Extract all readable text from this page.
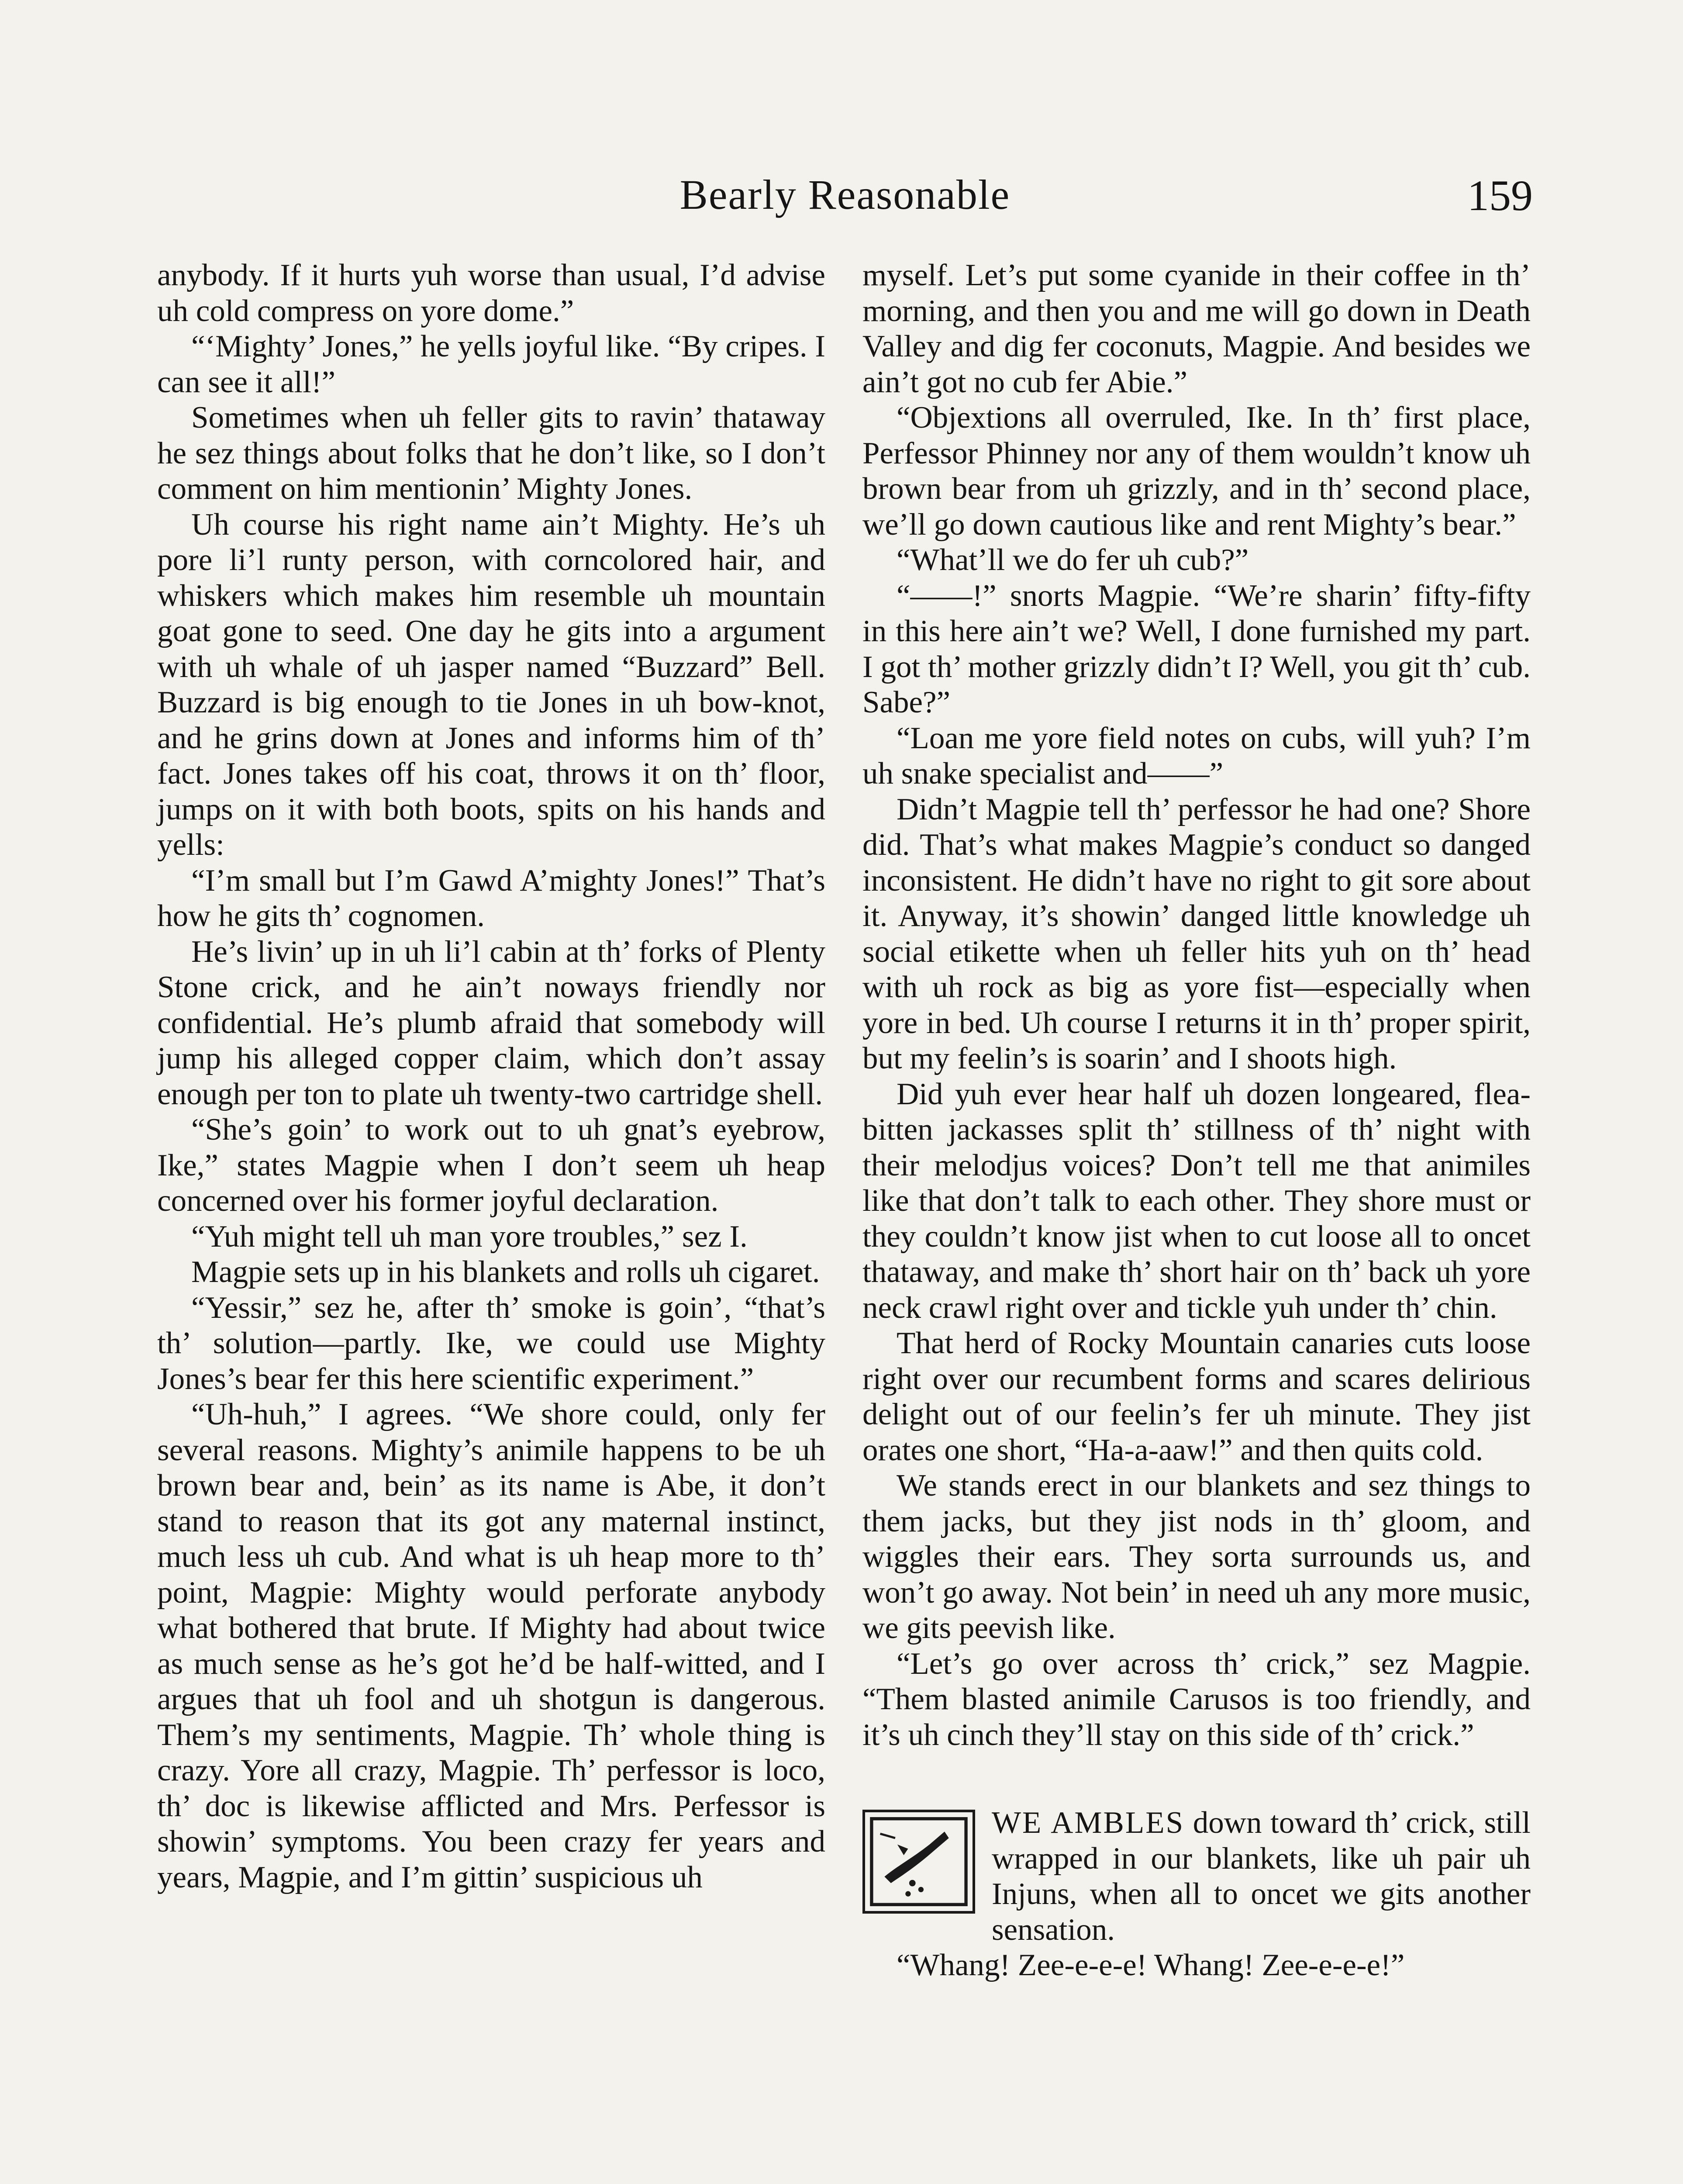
Bearly Reasonable	159

anybody. If it hurts yuh worse than usual, I’d advise uh cold compress on yore dome.”

“‘Mighty’ Jones,” he yells joyful like. “By cripes. I can see it all!”

Sometimes when uh feller gits to ravin’ thataway he sez things about folks that he don’t like, so I don’t comment on him mentionin’ Mighty Jones.

Uh course his right name ain’t Mighty. He’s uh pore li’l runty person, with corncolored hair, and whiskers which makes him resemble uh mountain goat gone to seed. One day he gits into a argument with uh whale of uh jasper named “Buzzard” Bell. Buzzard is big enough to tie Jones in uh bow-knot, and he grins down at Jones and informs him of th’ fact. Jones takes off his coat, throws it on th’ floor, jumps on it with both boots, spits on his hands and yells:

“I’m small but I’m Gawd A’mighty Jones!” That’s how he gits th’ cognomen.

He’s livin’ up in uh li’l cabin at th’ forks of Plenty Stone crick, and he ain’t noways friendly nor confidential. He’s plumb afraid that somebody will jump his alleged copper claim, which don’t assay enough per ton to plate uh twenty-two cartridge shell.

“She’s goin’ to work out to uh gnat’s eyebrow, Ike,” states Magpie when I don’t seem uh heap concerned over his former joyful declaration.

“Yuh might tell uh man yore troubles,” sez I.

Magpie sets up in his blankets and rolls uh cigaret.

“Yessir,” sez he, after th’ smoke is goin’, “that’s th’ solution—partly. Ike, we could use Mighty Jones’s bear fer this here scientific experiment.”

“Uh-huh,” I agrees. “We shore could, only fer several reasons. Mighty’s animile happens to be uh brown bear and, bein’ as its name is Abe, it don’t stand to reason that its got any maternal instinct, much less uh cub. And what is uh heap more to th’ point, Magpie: Mighty would perforate anybody what bothered that brute. If Mighty had about twice as much sense as he’s got he’d be half-witted, and I argues that uh fool and uh shotgun is dangerous. Them’s my sentiments, Magpie. Th’ whole thing is crazy. Yore all crazy, Magpie. Th’ perfessor is loco, th’ doc is likewise afflicted and Mrs. Perfessor is showin’ symptoms. You been crazy fer years and years, Magpie, and I’m gittin’ suspicious uh

myself. Let’s put some cyanide in their coffee in th’ morning, and then you and me will go down in Death Valley and dig fer coconuts, Magpie. And besides we ain’t got no cub fer Abie.”

“Objextions all overruled, Ike. In th’ first place, Perfessor Phinney nor any of them wouldn’t know uh brown bear from uh grizzly, and in th’ second place, we’ll go down cautious like and rent Mighty’s bear.”

“What’ll we do fer uh cub?”

“——!” snorts Magpie. “We’re sharin’ fifty-fifty in this here ain’t we? Well, I done furnished my part. I got th’ mother grizzly didn’t I? Well, you git th’ cub. Sabe?”

“Loan me yore field notes on cubs, will yuh? I’m uh snake specialist and——”

Didn’t Magpie tell th’ perfessor he had one? Shore did. That’s what makes Magpie’s conduct so danged inconsistent. He didn’t have no right to git sore about it. Anyway, it’s showin’ danged little knowledge uh social etikette when uh feller hits yuh on th’ head with uh rock as big as yore fist—especially when yore in bed. Uh course I returns it in th’ proper spirit, but my feelin’s is soarin’ and I shoots high.

Did yuh ever hear half uh dozen longeared, flea-bitten jackasses split th’ stillness of th’ night with their melodjus voices? Don’t tell me that animiles like that don’t talk to each other. They shore must or they couldn’t know jist when to cut loose all to oncet thataway, and make th’ short hair on th’ back uh yore neck crawl right over and tickle yuh under th’ chin.

That herd of Rocky Mountain canaries cuts loose right over our recumbent forms and scares delirious delight out of our feelin’s fer uh minute. They jist orates one short, “Ha-a-aaw!” and then quits cold.

We stands erect in our blankets and sez things to them jacks, but they jist nods in th’ gloom, and wiggles their ears. They sorta surrounds us, and won’t go away. Not bein’ in need uh any more music, we gits peevish like.

“Let’s go over across th’ crick,” sez Magpie. “Them blasted animile Carusos is too friendly, and it’s uh cinch they’ll stay on this side of th’ crick.”

WE AMBLES down toward th’ crick, still wrapped in our blankets, like uh pair uh Injuns, when all to oncet we gits another sensation.

“Whang! Zee-e-e-e! Whang! Zee-e-e-e!”
